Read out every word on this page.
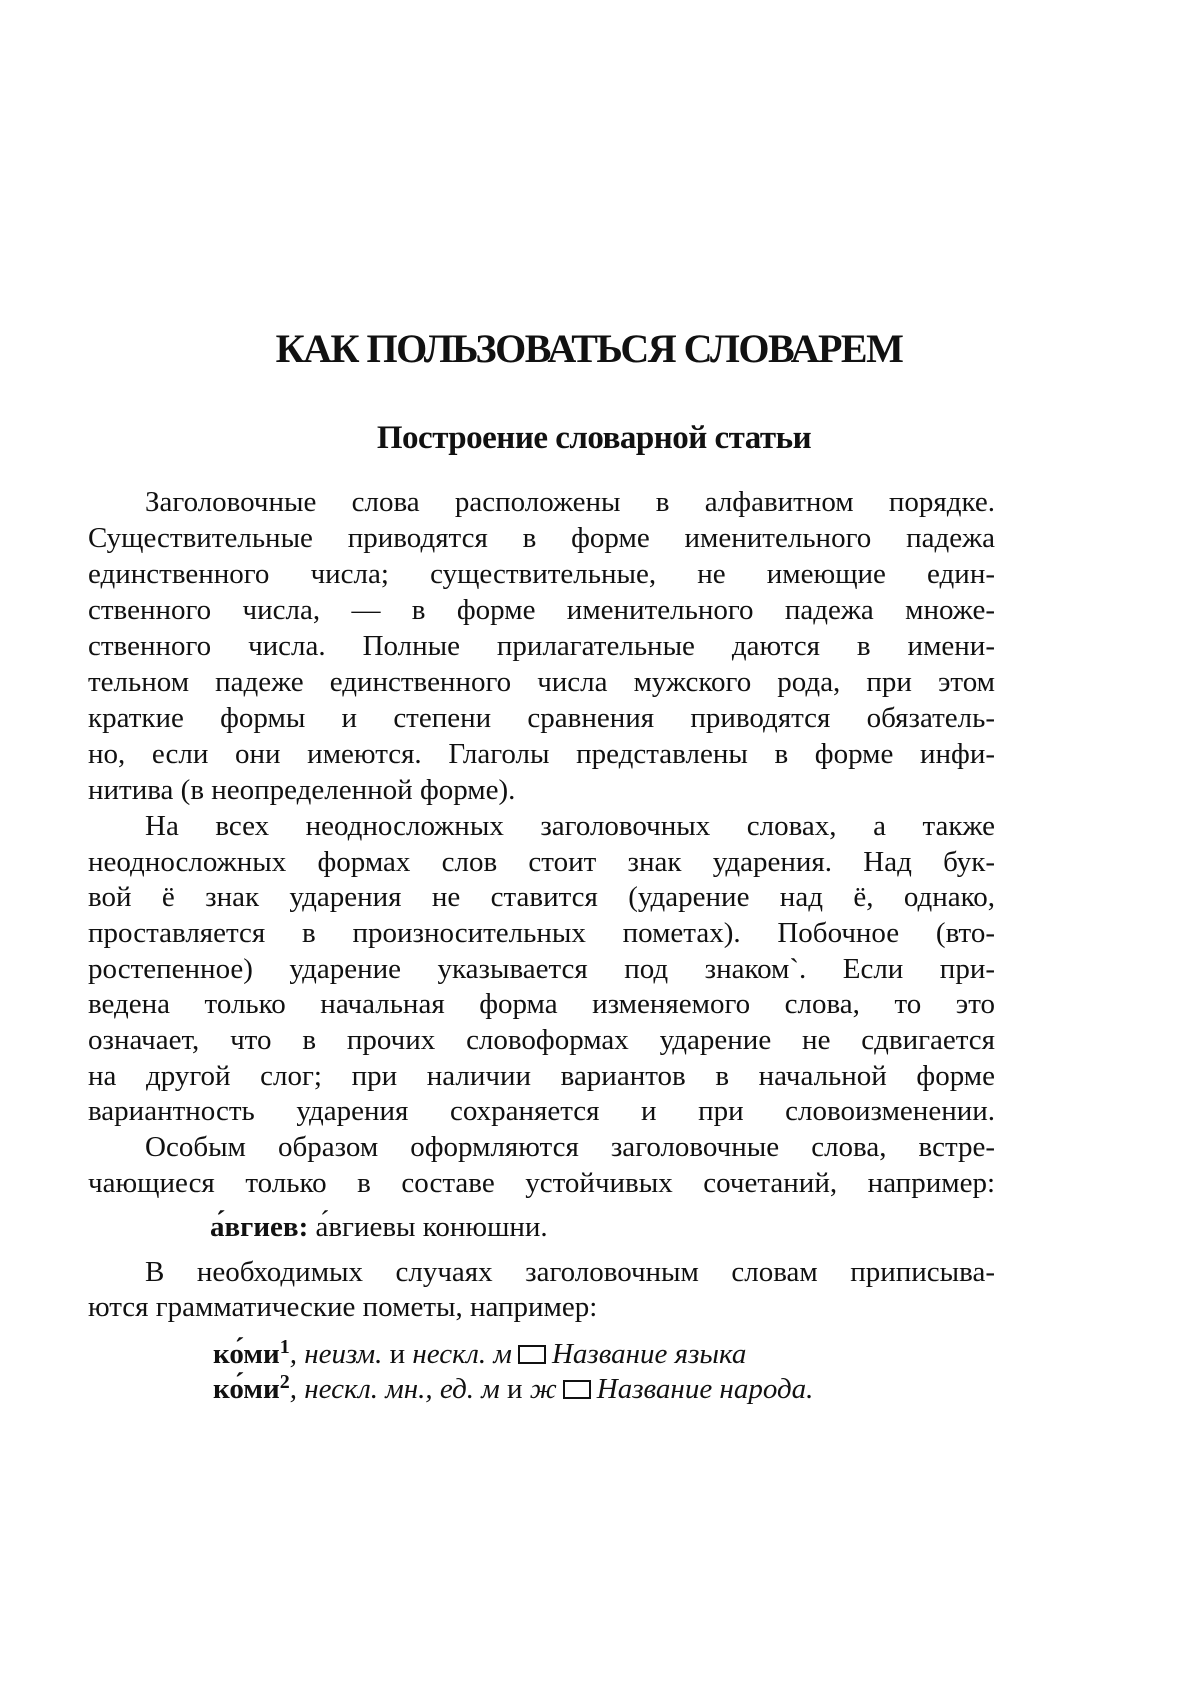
КАК ПОЛЬЗОВАТЬСЯ СЛОВАРЕМ
Построение словарной статьи
Заголовочные слова расположены в алфавитном порядке.
Существительные приводятся в форме именительного падежа
единственного числа; существительные, не имеющие един-
ственного числа, — в форме именительного падежа множе-
ственного числа. Полные прилагательные даются в имени-
тельном падеже единственного числа мужского рода, при этом
краткие формы и степени сравнения приводятся обязатель-
но, если они имеются. Глаголы представлены в форме инфи-
нитива (в неопределенной форме).
На всех неодносложных заголовочных словах, а также
неодносложных формах слов стоит знак ударения. Над бук-
вой ё знак ударения не ставится (ударение над ё, однако,
проставляется в произносительных пометах). Побочное (вто-
ростепенное) ударение указывается под знаком`. Если при-
ведена только начальная форма изменяемого слова, то это
означает, что в прочих словоформах ударение не сдвигается
на другой слог; при наличии вариантов в начальной форме
вариантность ударения сохраняется и при словоизменении.
Особым образом оформляются заголовочные слова, встре-
чающиеся только в составе устойчивых сочетаний, например:
а́вгиев: а́вгиевы конюшни.
В необходимых случаях заголовочным словам приписыва-
ются грамматические пометы, например:
$ко́ми^1$, неизм. и нескл. м Название языка
$ко́ми^2$, нескл. мн., ед. м и ж Название народа.
